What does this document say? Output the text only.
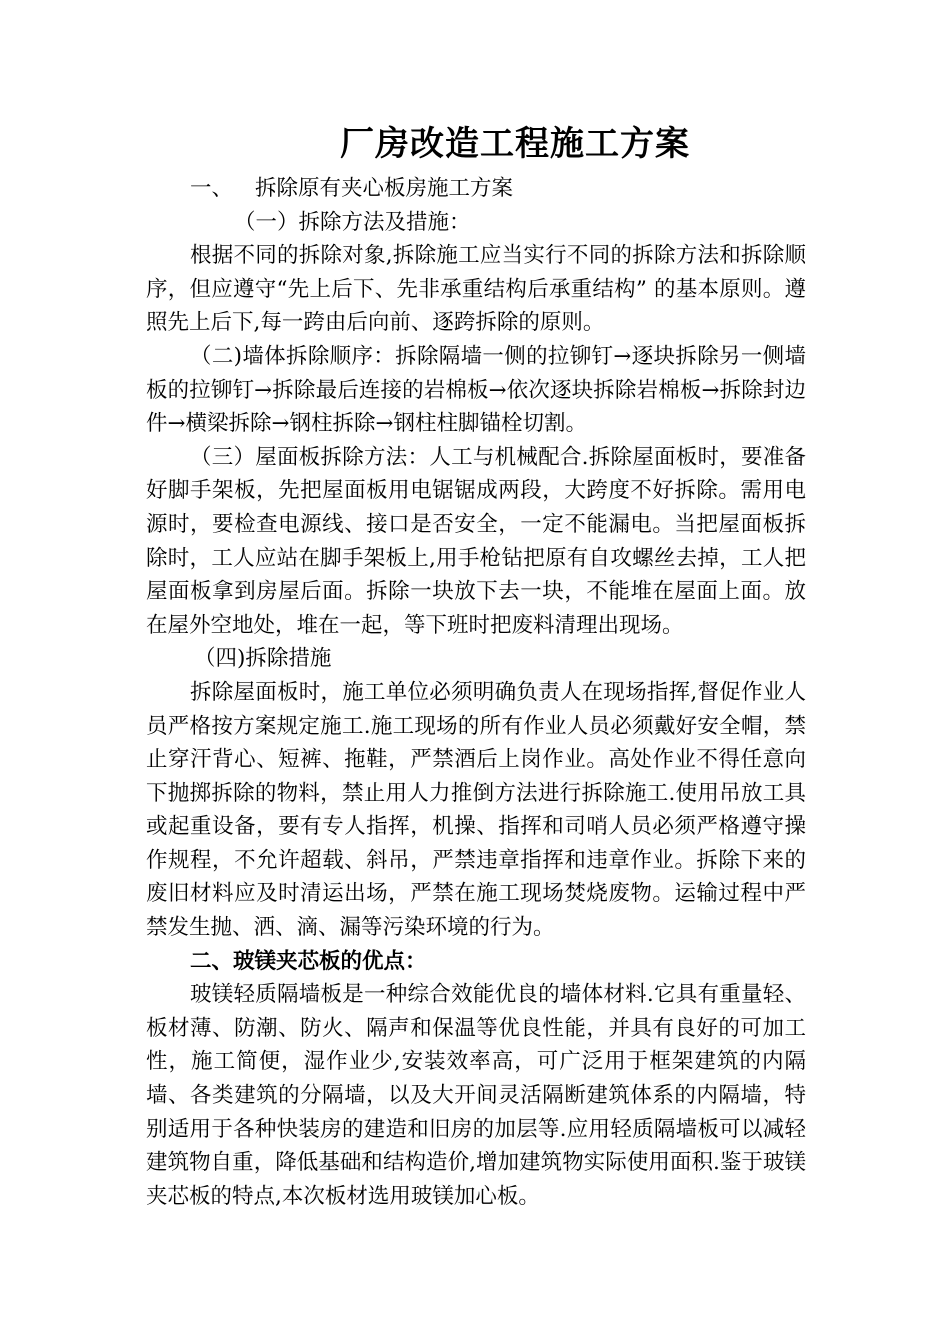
厂房改造工程施工方案

一、 拆除原有夹心板房施工方案

（一）拆除方法及措施：

根据不同的拆除对象,拆除施工应当实行不同的拆除方法和拆除顺序，但应遵守“先上后下、先非承重结构后承重结构” 的基本原则。遵照先上后下,每一跨由后向前、逐跨拆除的原则。

（二)墙体拆除顺序：拆除隔墙一侧的拉铆钉→逐块拆除另一侧墙板的拉铆钉→拆除最后连接的岩棉板→依次逐块拆除岩棉板→拆除封边件→横梁拆除→钢柱拆除→钢柱柱脚锚栓切割。

（三）屋面板拆除方法：人工与机械配合.拆除屋面板时，要准备好脚手架板，先把屋面板用电锯锯成两段，大跨度不好拆除。需用电源时，要检查电源线、接口是否安全，一定不能漏电。当把屋面板拆除时，工人应站在脚手架板上,用手枪钻把原有自攻螺丝去掉，工人把屋面板拿到房屋后面。拆除一块放下去一块，不能堆在屋面上面。放在屋外空地处，堆在一起，等下班时把废料清理出现场。

（四)拆除措施

拆除屋面板时，施工单位必须明确负责人在现场指挥,督促作业人员严格按方案规定施工.施工现场的所有作业人员必须戴好安全帽，禁止穿汗背心、短裤、拖鞋，严禁酒后上岗作业。高处作业不得任意向下抛掷拆除的物料，禁止用人力推倒方法进行拆除施工.使用吊放工具或起重设备，要有专人指挥，机操、指挥和司哨人员必须严格遵守操作规程，不允许超载、斜吊，严禁违章指挥和违章作业。拆除下来的废旧材料应及时清运出场，严禁在施工现场焚烧废物。运输过程中严禁发生抛、洒、滴、漏等污染环境的行为。

二、玻镁夹芯板的优点：

玻镁轻质隔墙板是一种综合效能优良的墙体材料.它具有重量轻、板材薄、防潮、防火、隔声和保温等优良性能，并具有良好的可加工性，施工简便，湿作业少,安装效率高，可广泛用于框架建筑的内隔墙、各类建筑的分隔墙，以及大开间灵活隔断建筑体系的内隔墙，特别适用于各种快装房的建造和旧房的加层等.应用轻质隔墙板可以减轻建筑物自重，降低基础和结构造价,增加建筑物实际使用面积.鉴于玻镁夹芯板的特点,本次板材选用玻镁加心板。
